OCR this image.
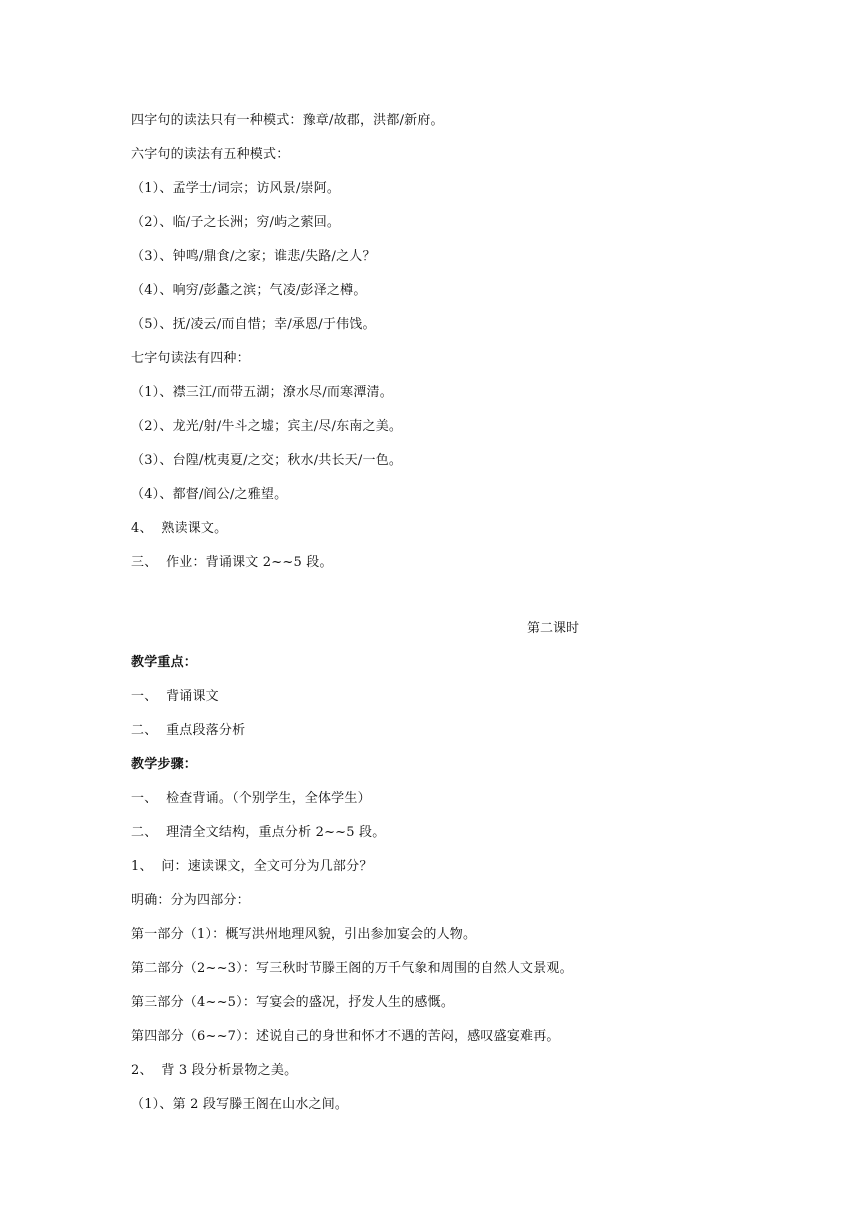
四字句的读法只有一种模式：豫章/故郡，洪都/新府。
六字句的读法有五种模式：
（1）、孟学士/词宗；访风景/崇阿。
（2）、临/子之长洲；穷/屿之萦回。
（3）、钟鸣/鼎食/之家；谁悲/失路/之人？
（4）、响穷/彭蠡之滨；气凌/彭泽之樽。
（5）、抚/凌云/而自惜；幸/承恩/于伟饯。
七字句读法有四种：
（1）、襟三江/而带五湖；潦水尽/而寒潭清。
（2）、龙光/射/牛斗之墟；宾主/尽/东南之美。
（3）、台隍/枕夷夏/之交；秋水/共长天/一色。
（4）、都督/阎公/之雅望。
4、  熟读课文。
三、  作业：背诵课文 2~~5 段。
第二课时
教学重点：
一、  背诵课文
二、  重点段落分析
教学步骤：
一、  检查背诵。（个别学生，全体学生）
二、  理清全文结构，重点分析 2~~5 段。
1、  问：速读课文，全文可分为几部分？
明确：分为四部分：
第一部分（1）：概写洪州地理风貌，引出参加宴会的人物。
第二部分（2~~3）：写三秋时节滕王阁的万千气象和周围的自然人文景观。
第三部分（4~~5）：写宴会的盛况，抒发人生的感慨。
第四部分（6~~7）：述说自己的身世和怀才不遇的苦闷，感叹盛宴难再。
2、  背 3 段分析景物之美。
（1）、第 2 段写滕王阁在山水之间。
